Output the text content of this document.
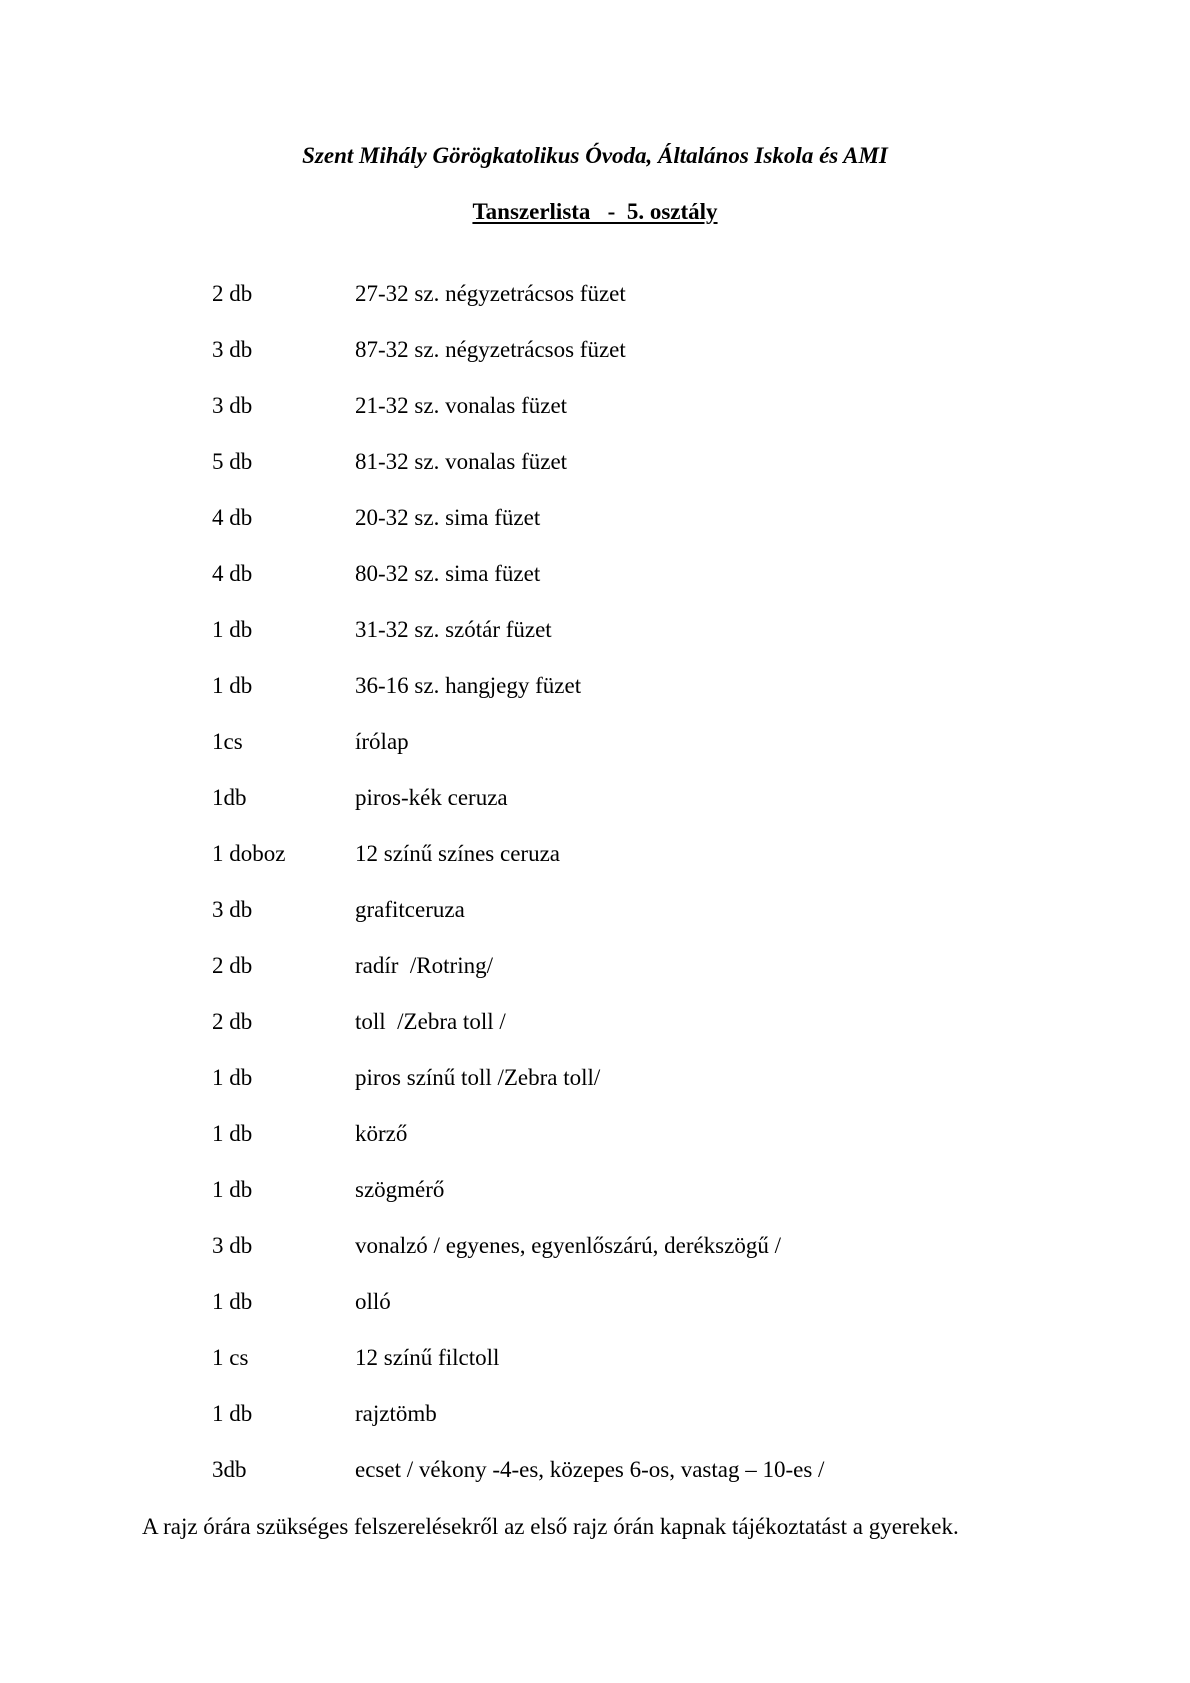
Szent Mihály Görögkatolikus Óvoda, Általános Iskola és AMI
Tanszerlista   -  5. osztály
2 db	27-32 sz. négyzetrácsos füzet
3 db	87-32 sz. négyzetrácsos füzet
3 db	21-32 sz. vonalas füzet
5 db	81-32 sz. vonalas füzet
4 db	20-32 sz. sima füzet
4 db	80-32 sz. sima füzet
1 db	31-32 sz. szótár füzet
1 db	36-16 sz. hangjegy füzet
1cs	írólap
1db	piros-kék ceruza
1 doboz	12 színű színes ceruza
3 db	grafitceruza
2 db	radír  /Rotring/
2 db	toll  /Zebra toll /
1 db	piros színű toll /Zebra toll/
1 db	körző
1 db	szögmérő
3 db	vonalzó / egyenes, egyenlőszárú, derékszögű /
1 db	olló
1 cs	12 színű filctoll
1 db	rajztömb
3db	ecset / vékony -4-es, közepes 6-os, vastag – 10-es /

A rajz órára szükséges felszerelésekről az első rajz órán kapnak tájékoztatást a gyerekek.
